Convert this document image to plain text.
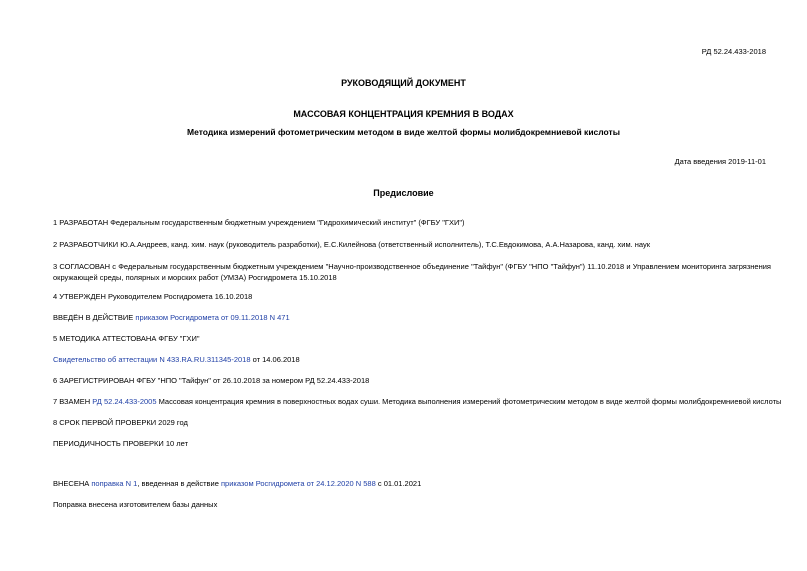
РД 52.24.433-2018
РУКОВОДЯЩИЙ ДОКУМЕНТ
МАССОВАЯ КОНЦЕНТРАЦИЯ КРЕМНИЯ В ВОДАХ
Методика измерений фотометрическим методом в виде желтой формы молибдокремниевой кислоты
Дата введения 2019-11-01
Предисловие
1 РАЗРАБОТАН Федеральным государственным бюджетным учреждением "Гидрохимический институт" (ФГБУ "ГХИ")
2 РАЗРАБОТЧИКИ Ю.А.Андреев, канд. хим. наук (руководитель разработки), Е.С.Килейнова (ответственный исполнитель), Т.С.Евдокимова, А.А.Назарова, канд. хим. наук
3 СОГЛАСОВАН с Федеральным государственным бюджетным учреждением "Научно-производственное объединение "Тайфун" (ФГБУ "НПО "Тайфун") 11.10.2018 и Управлением мониторинга загрязнения окружающей среды, полярных и морских работ (УМЗА) Росгидромета 15.10.2018
4 УТВЕРЖДЕН Руководителем Росгидромета 16.10.2018
ВВЕДЁН В ДЕЙСТВИЕ приказом Росгидромета от 09.11.2018 N 471
5 МЕТОДИКА АТТЕСТОВАНА ФГБУ "ГХИ"
Свидетельство об аттестации N 433.RA.RU.311345-2018 от 14.06.2018
6 ЗАРЕГИСТРИРОВАН ФГБУ "НПО "Тайфун" от 26.10.2018 за номером РД 52.24.433-2018
7 ВЗАМЕН РД 52.24.433-2005 Массовая концентрация кремния в поверхностных водах суши. Методика выполнения измерений фотометрическим методом в виде желтой формы молибдокремниевой кислоты
8 СРОК ПЕРВОЙ ПРОВЕРКИ 2029 год
ПЕРИОДИЧНОСТЬ ПРОВЕРКИ 10 лет
ВНЕСЕНА поправка N 1, введенная в действие приказом Росгидромета от 24.12.2020 N 588 с 01.01.2021
Поправка внесена изготовителем базы данных
